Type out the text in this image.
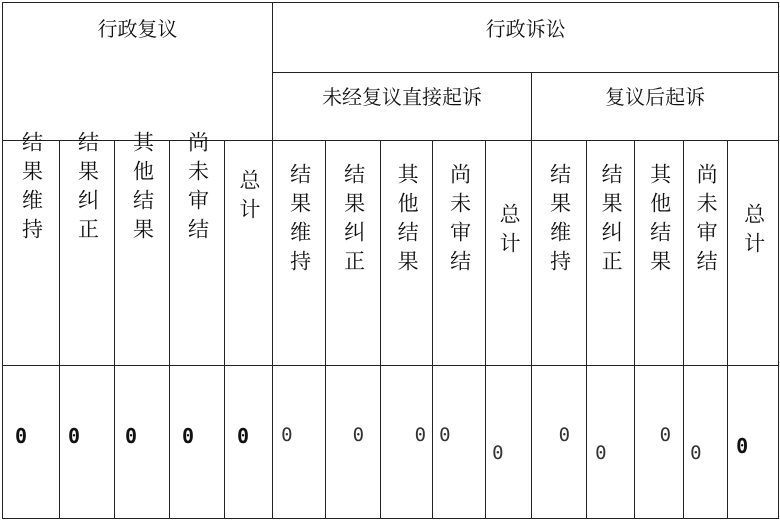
行政复议					行政诉讼									
					未经复议直接起诉					复议后起诉				
结果维持	结果纠正	其他结果	尚未审结	总计	结果维持	结果纠正	其他结果	尚未审结	总计	结果维持	结果纠正	其他结果	尚未审结	总计

0	0	0	0	0	0	0	0	0	0	0	0	0	0	0
